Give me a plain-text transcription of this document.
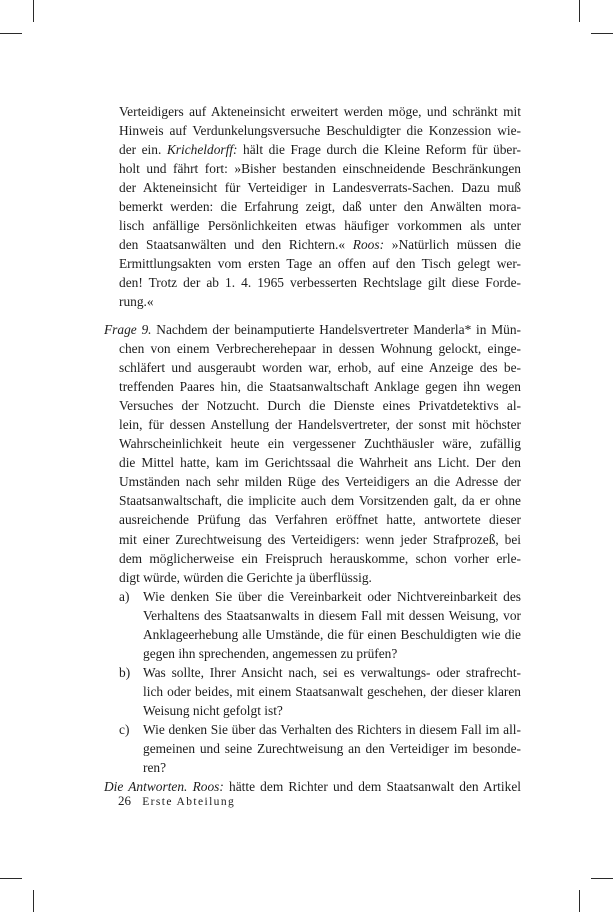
Verteidigers auf Akteneinsicht erweitert werden möge, und schränkt mit
Hinweis auf Verdunkelungsversuche Beschuldigter die Konzession wie-
der ein. Kricheldorff: hält die Frage durch die Kleine Reform für über-
holt und fährt fort: »Bisher bestanden einschneidende Beschränkungen
der Akteneinsicht für Verteidiger in Landesverrats-Sachen. Dazu muß
bemerkt werden: die Erfahrung zeigt, daß unter den Anwälten mora-
lisch anfällige Persönlichkeiten etwas häufiger vorkommen als unter
den Staatsanwälten und den Richtern.« Roos: »Natürlich müssen die
Ermittlungsakten vom ersten Tage an offen auf den Tisch gelegt wer-
den! Trotz der ab 1. 4. 1965 verbesserten Rechtslage gilt diese Forde-
rung.«
Frage 9. Nachdem der beinamputierte Handelsvertreter Manderla* in Mün-
chen von einem Verbrecherehepaar in dessen Wohnung gelockt, einge-
schläfert und ausgeraubt worden war, erhob, auf eine Anzeige des be-
treffenden Paares hin, die Staatsanwaltschaft Anklage gegen ihn wegen
Versuches der Notzucht. Durch die Dienste eines Privatdetektivs al-
lein, für dessen Anstellung der Handelsvertreter, der sonst mit höchster
Wahrscheinlichkeit heute ein vergessener Zuchthäusler wäre, zufällig
die Mittel hatte, kam im Gerichtssaal die Wahrheit ans Licht. Der den
Umständen nach sehr milden Rüge des Verteidigers an die Adresse der
Staatsanwaltschaft, die implicite auch dem Vorsitzenden galt, da er ohne
ausreichende Prüfung das Verfahren eröffnet hatte, antwortete dieser
mit einer Zurechtweisung des Verteidigers: wenn jeder Strafprozeß, bei
dem möglicherweise ein Freispruch herauskomme, schon vorher erle-
digt würde, würden die Gerichte ja überflüssig.
a) Wie denken Sie über die Vereinbarkeit oder Nichtvereinbarkeit des
Verhaltens des Staatsanwalts in diesem Fall mit dessen Weisung, vor
Anklageerhebung alle Umstände, die für einen Beschuldigten wie die
gegen ihn sprechenden, angemessen zu prüfen?
b) Was sollte, Ihrer Ansicht nach, sei es verwaltungs- oder strafrecht-
lich oder beides, mit einem Staatsanwalt geschehen, der dieser klaren
Weisung nicht gefolgt ist?
c) Wie denken Sie über das Verhalten des Richters in diesem Fall im all-
gemeinen und seine Zurechtweisung an den Verteidiger im besonde-
ren?
Die Antworten. Roos: hätte dem Richter und dem Staatsanwalt den Artikel
26 Erste Abteilung
